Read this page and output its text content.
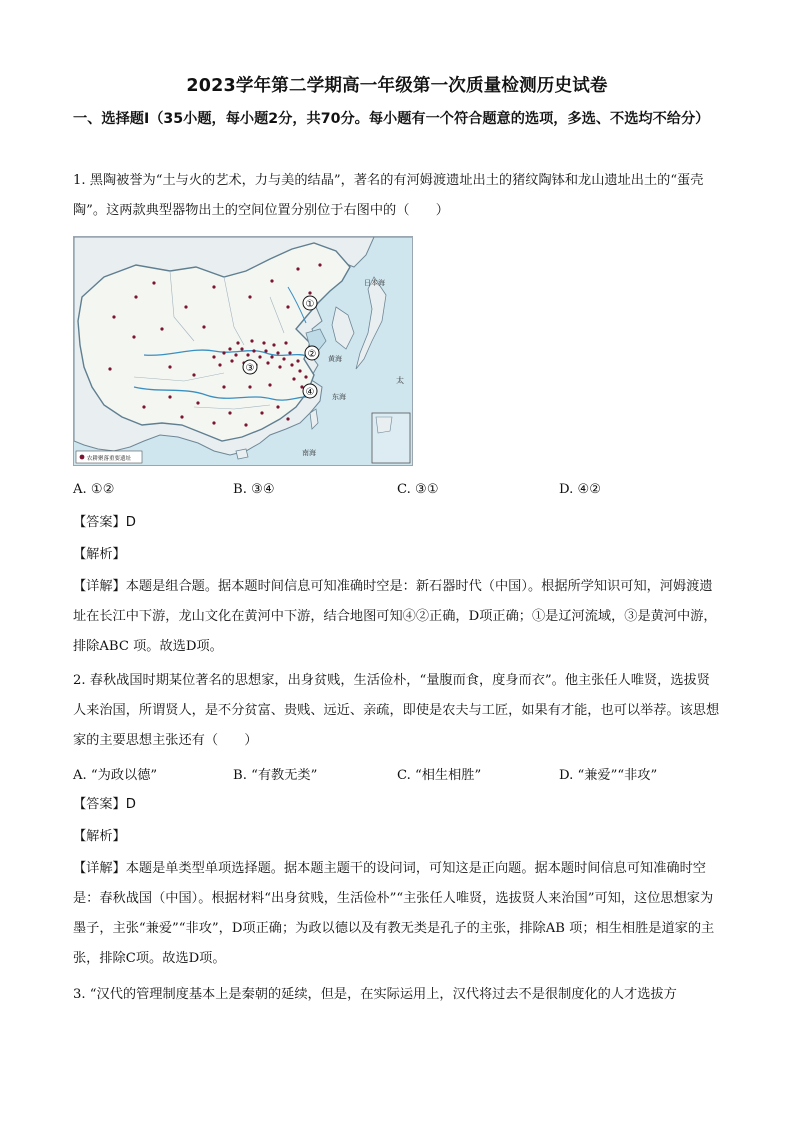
2023学年第二学期高一年级第一次质量检测历史试卷
一、选择题Ⅰ（35小题，每小题2分，共70分。每小题有一个符合题意的选项，多选、不选均不给分）
1. 黑陶被誉为“土与火的艺术，力与美的结晶”，著名的有河姆渡遗址出土的猪纹陶钵和龙山遗址出土的“蛋壳陶”。这两款典型器物出土的空间位置分别位于右图中的（　　）
①
②
③
④
日本海
黄海
东海
太
南海
农耕聚落重要遗址
A. ①②	B. ③④	C. ③①	D. ④②
【答案】D
【解析】
【详解】本题是组合题。据本题时间信息可知准确时空是：新石器时代（中国）。根据所学知识可知，河姆渡遗址在长江中下游，龙山文化在黄河中下游，结合地图可知④②正确，D项正确；①是辽河流域，③是黄河中游，排除ABC 项。故选D项。
2. 春秋战国时期某位著名的思想家，出身贫贱，生活俭朴，“量腹而食，度身而衣”。他主张任人唯贤，选拔贤人来治国，所谓贤人，是不分贫富、贵贱、远近、亲疏，即使是农夫与工匠，如果有才能，也可以举荐。该思想家的主要思想主张还有（　　）
A. “为政以德”	B. “有教无类”	C. “相生相胜”	D. “兼爱”“非攻”
【答案】D
【解析】
【详解】本题是单类型单项选择题。据本题主题干的设问词，可知这是正向题。据本题时间信息可知准确时空是：春秋战国（中国）。根据材料“出身贫贱，生活俭朴”“主张任人唯贤，选拔贤人来治国”可知，这位思想家为墨子，主张“兼爱”“非攻”，D项正确；为政以德以及有教无类是孔子的主张，排除AB 项；相生相胜是道家的主张，排除C项。故选D项。
3. “汉代的管理制度基本上是秦朝的延续，但是，在实际运用上，汉代将过去不是很制度化的人才选拔方
